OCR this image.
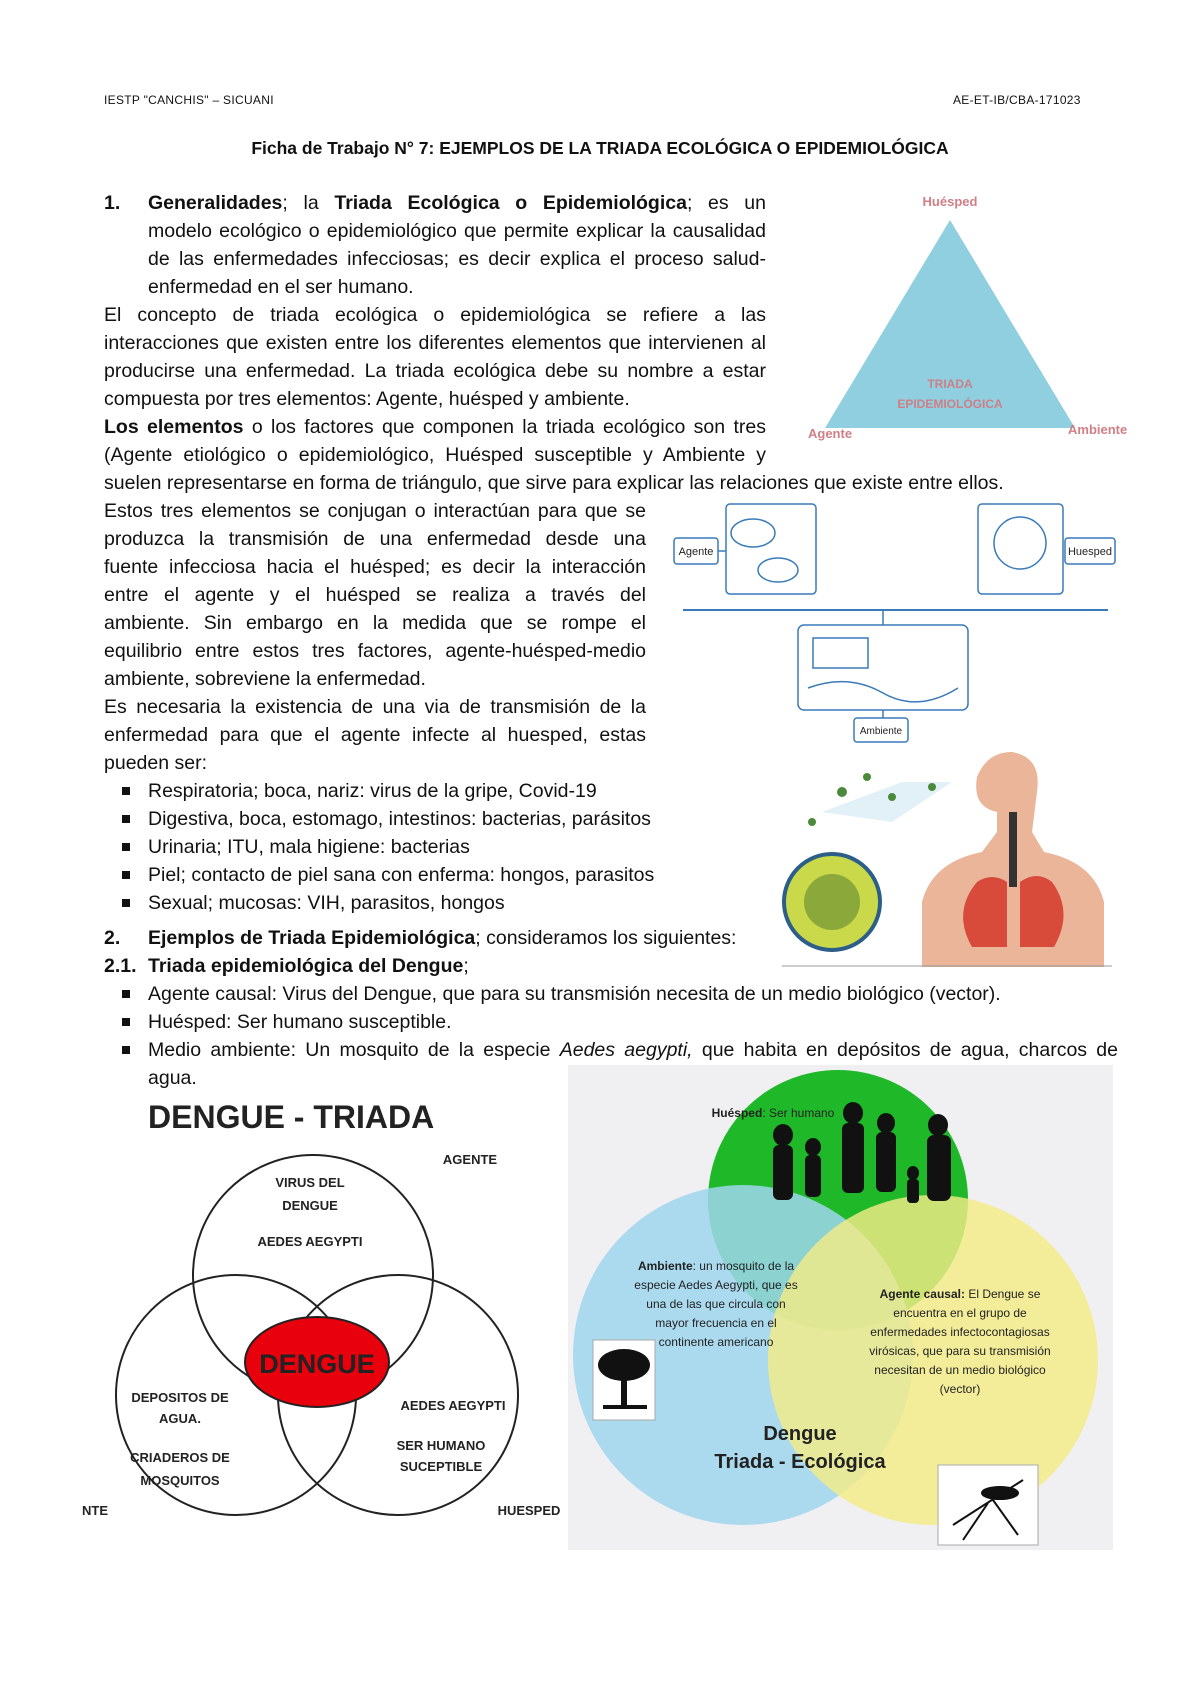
IESTP "CANCHIS" – SICUANI	AE-ET-IB/CBA-171023
Ficha de Trabajo N° 7: EJEMPLOS DE LA TRIADA ECOLÓGICA O EPIDEMIOLÓGICA
1. Generalidades; la Triada Ecológica o Epidemiológica; es un
modelo ecológico o epidemiológico que permite explicar la causalidad
de las enfermedades infecciosas; es decir explica el proceso salud-
enfermedad en el ser humano.
El concepto de triada ecológica o epidemiológica se refiere a las
interacciones que existen entre los diferentes elementos que intervienen al
producirse una enfermedad. La triada ecológica debe su nombre a estar
compuesta por tres elementos: Agente, huésped y ambiente.
Los elementos o los factores que componen la triada ecológico son tres
(Agente etiológico o epidemiológico, Huésped susceptible y Ambiente y
suelen representarse en forma de triángulo, que sirve para explicar las relaciones que existe entre ellos.
Estos tres elementos se conjugan o interactúan para que se
produzca la transmisión de una enfermedad desde una
fuente infecciosa hacia el huésped; es decir la interacción
entre el agente y el huésped se realiza a través del
ambiente. Sin embargo en la medida que se rompe el
equilibrio entre estos tres factores, agente-huésped-medio
ambiente, sobreviene la enfermedad.
Es necesaria la existencia de una via de transmisión de la
enfermedad para que el agente infecte al huesped, estas
pueden ser:
Respiratoria; boca, nariz: virus de la gripe, Covid-19
Digestiva, boca, estomago, intestinos: bacterias, parásitos
Urinaria; ITU, mala higiene: bacterias
Piel; contacto de piel sana con enferma: hongos, parasitos
Sexual; mucosas: VIH, parasitos, hongos
2. Ejemplos de Triada Epidemiológica; consideramos los siguientes:
2.1. Triada epidemiológica del Dengue;
Agente causal: Virus del Dengue, que para su transmisión necesita de un medio biológico (vector).
Huésped: Ser humano susceptible.
Medio ambiente: Un mosquito de la especie Aedes aegypti, que habita en depósitos de agua, charcos de
agua.
Huésped
Agente	Ambiente
TRIADA
EPIDEMIOLÓGICA
Agente	Huesped
Ambiente
DENGUE - TRIADA
AGENTE
HUESPED
NTE
VIRUS DEL
DENGUE
AEDES AEGYPTI
DEPOSITOS DE
AGUA.
CRIADEROS DE
MOSQUITOS
AEDES AEGYPTI
SER HUMANO
SUCEPTIBLE
DENGUE
Huésped: Ser humano
Ambiente: un mosquito de la
especie Aedes Aegypti, que es
una de las que circula con
mayor frecuencia en el
continente americano
Agente causal: El Dengue se
encuentra en el grupo de
enfermedades infectocontagiosas
virósicas, que para su transmisión
necesitan de un medio biológico
(vector)
Dengue
Triada - Ecológica
